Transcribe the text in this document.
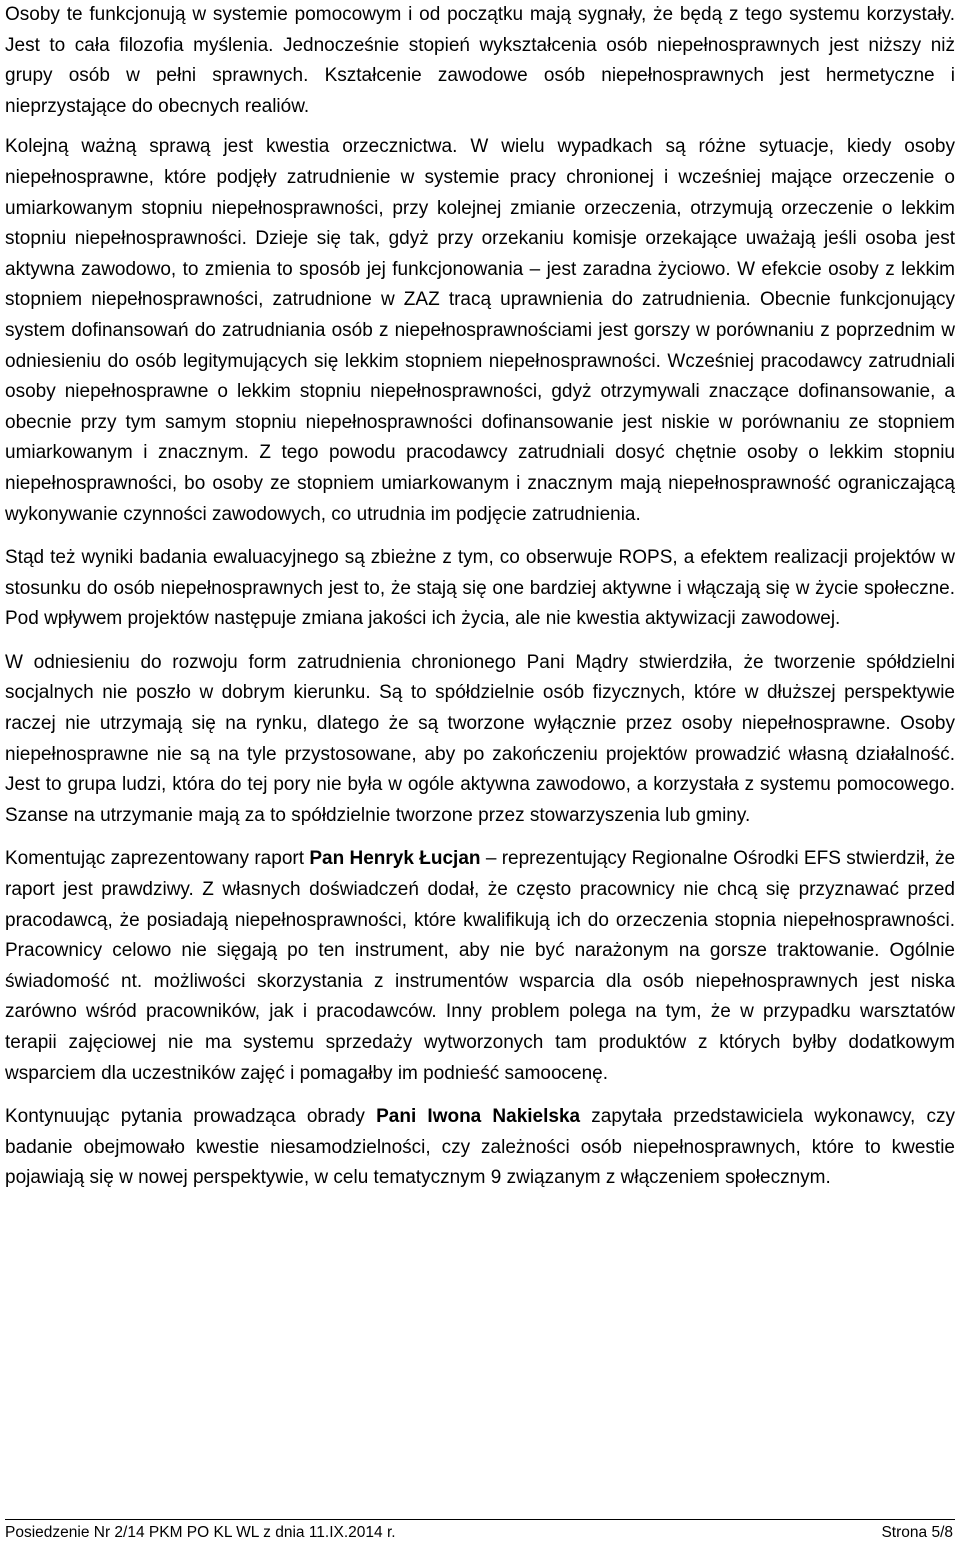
Osoby te funkcjonują w systemie pomocowym i od początku mają sygnały, że będą z tego systemu korzystały. Jest to cała filozofia myślenia. Jednocześnie stopień wykształcenia osób niepełnosprawnych jest niższy niż grupy osób w pełni sprawnych. Kształcenie zawodowe osób niepełnosprawnych jest hermetyczne i nieprzystające do obecnych realiów.

Kolejną ważną sprawą jest kwestia orzecznictwa. W wielu wypadkach są różne sytuacje, kiedy osoby niepełnosprawne, które podjęły zatrudnienie w systemie pracy chronionej i wcześniej mające orzeczenie o umiarkowanym stopniu niepełnosprawności, przy kolejnej zmianie orzeczenia, otrzymują orzeczenie o lekkim stopniu niepełnosprawności. Dzieje się tak, gdyż przy orzekaniu komisje orzekające uważają jeśli osoba jest aktywna zawodowo, to zmienia to sposób jej funkcjonowania – jest zaradna życiowo. W efekcie osoby z lekkim stopniem niepełnosprawności, zatrudnione w ZAZ tracą uprawnienia do zatrudnienia. Obecnie funkcjonujący system dofinansowań do zatrudniania osób z niepełnosprawnościami jest gorszy w porównaniu z poprzednim w odniesieniu do osób legitymujących się lekkim stopniem niepełnosprawności. Wcześniej pracodawcy zatrudniali osoby niepełnosprawne o lekkim stopniu niepełnosprawności, gdyż otrzymywali znaczące dofinansowanie, a obecnie przy tym samym stopniu niepełnosprawności dofinansowanie jest niskie w porównaniu ze stopniem umiarkowanym i znacznym. Z tego powodu pracodawcy zatrudniali dosyć chętnie osoby o lekkim stopniu niepełnosprawności, bo osoby ze stopniem umiarkowanym i znacznym mają niepełnosprawność ograniczającą wykonywanie czynności zawodowych, co utrudnia im podjęcie zatrudnienia.

Stąd też wyniki badania ewaluacyjnego są zbieżne z tym, co obserwuje ROPS, a efektem realizacji projektów w stosunku do osób niepełnosprawnych jest to, że stają się one bardziej aktywne i włączają się w życie społeczne. Pod wpływem projektów następuje zmiana jakości ich życia, ale nie kwestia aktywizacji zawodowej.

W odniesieniu do rozwoju form zatrudnienia chronionego Pani Mądry stwierdziła, że tworzenie spółdzielni socjalnych nie poszło w dobrym kierunku. Są to spółdzielnie osób fizycznych, które w dłuższej perspektywie raczej nie utrzymają się na rynku, dlatego że są tworzone wyłącznie przez osoby niepełnosprawne. Osoby niepełnosprawne nie są na tyle przystosowane, aby po zakończeniu projektów prowadzić własną działalność. Jest to grupa ludzi, która do tej pory nie była w ogóle aktywna zawodowo, a korzystała z systemu pomocowego. Szanse na utrzymanie mają za to spółdzielnie tworzone przez stowarzyszenia lub gminy.

Komentując zaprezentowany raport Pan Henryk Łucjan – reprezentujący Regionalne Ośrodki EFS stwierdził, że raport jest prawdziwy. Z własnych doświadczeń dodał, że często pracownicy nie chcą się przyznawać przed pracodawcą, że posiadają niepełnosprawności, które kwalifikują ich do orzeczenia stopnia niepełnosprawności. Pracownicy celowo nie sięgają po ten instrument, aby nie być narażonym na gorsze traktowanie. Ogólnie świadomość nt. możliwości skorzystania z instrumentów wsparcia dla osób niepełnosprawnych jest niska zarówno wśród pracowników, jak i pracodawców. Inny problem polega na tym, że w przypadku warsztatów terapii zajęciowej nie ma systemu sprzedaży wytworzonych tam produktów z których byłby dodatkowym wsparciem dla uczestników zajęć i pomagałby im podnieść samoocenę.

Kontynuując pytania prowadząca obrady Pani Iwona Nakielska zapytała przedstawiciela wykonawcy, czy badanie obejmowało kwestie niesamodzielności, czy zależności osób niepełnosprawnych, które to kwestie pojawiają się w nowej perspektywie, w celu tematycznym 9 związanym z włączeniem społecznym.

Posiedzenie Nr 2/14 PKM PO KL WL z dnia 11.IX.2014 r.	Strona 5/8
